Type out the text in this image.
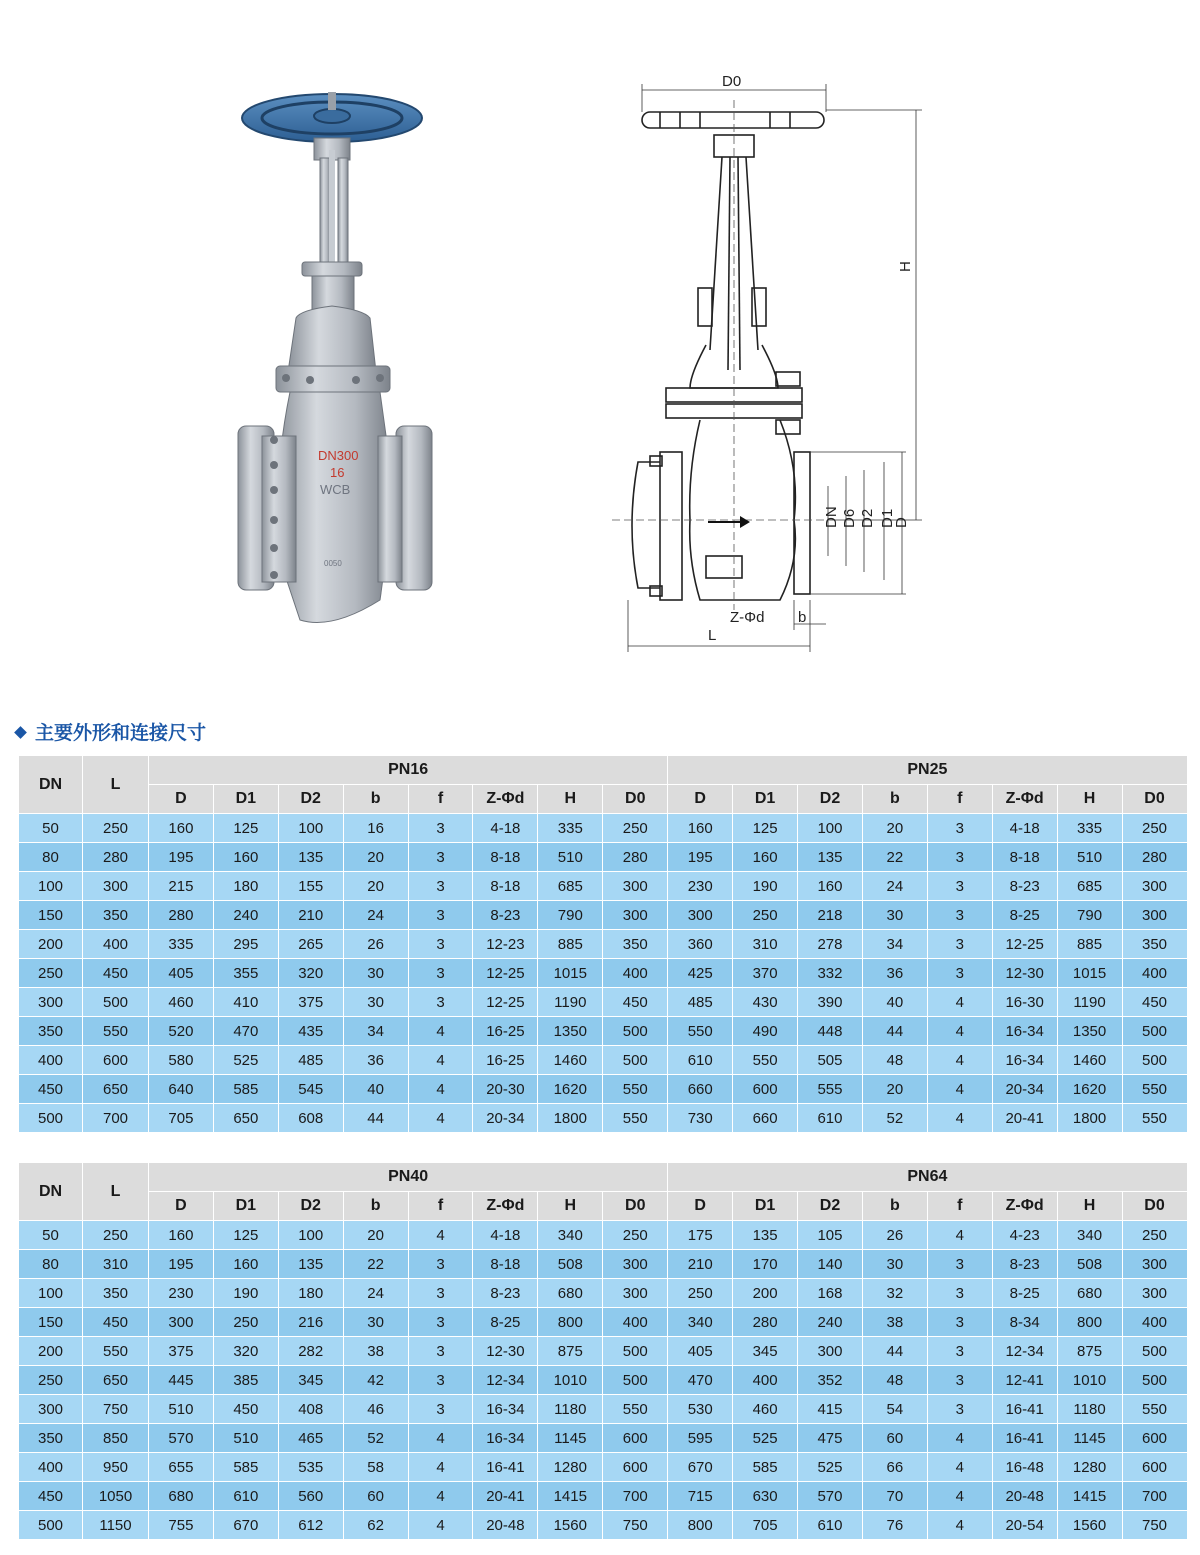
DN300
16
WCB
0050
D0
H
DN D6 D2 D1
D
Z-Φd b
L
主要外形和连接尺寸
DN	L	PN16								PN25							
		D	D1	D2	b	f	Z-Φd	H	D0	D	D1	D2	b	f	Z-Φd	H	D0
50	250	160	125	100	16	3	4-18	335	250	160	125	100	20	3	4-18	335	250
80	280	195	160	135	20	3	8-18	510	280	195	160	135	22	3	8-18	510	280
100	300	215	180	155	20	3	8-18	685	300	230	190	160	24	3	8-23	685	300
150	350	280	240	210	24	3	8-23	790	300	300	250	218	30	3	8-25	790	300
200	400	335	295	265	26	3	12-23	885	350	360	310	278	34	3	12-25	885	350
250	450	405	355	320	30	3	12-25	1015	400	425	370	332	36	3	12-30	1015	400
300	500	460	410	375	30	3	12-25	1190	450	485	430	390	40	4	16-30	1190	450
350	550	520	470	435	34	4	16-25	1350	500	550	490	448	44	4	16-34	1350	500
400	600	580	525	485	36	4	16-25	1460	500	610	550	505	48	4	16-34	1460	500
450	650	640	585	545	40	4	20-30	1620	550	660	600	555	20	4	20-34	1620	550
500	700	705	650	608	44	4	20-34	1800	550	730	660	610	52	4	20-41	1800	550
DN	L	PN40								PN64							
		D	D1	D2	b	f	Z-Φd	H	D0	D	D1	D2	b	f	Z-Φd	H	D0
50	250	160	125	100	20	4	4-18	340	250	175	135	105	26	4	4-23	340	250
80	310	195	160	135	22	3	8-18	508	300	210	170	140	30	3	8-23	508	300
100	350	230	190	180	24	3	8-23	680	300	250	200	168	32	3	8-25	680	300
150	450	300	250	216	30	3	8-25	800	400	340	280	240	38	3	8-34	800	400
200	550	375	320	282	38	3	12-30	875	500	405	345	300	44	3	12-34	875	500
250	650	445	385	345	42	3	12-34	1010	500	470	400	352	48	3	12-41	1010	500
300	750	510	450	408	46	3	16-34	1180	550	530	460	415	54	3	16-41	1180	550
350	850	570	510	465	52	4	16-34	1145	600	595	525	475	60	4	16-41	1145	600
400	950	655	585	535	58	4	16-41	1280	600	670	585	525	66	4	16-48	1280	600
450	1050	680	610	560	60	4	20-41	1415	700	715	630	570	70	4	20-48	1415	700
500	1150	755	670	612	62	4	20-48	1560	750	800	705	610	76	4	20-54	1560	750
